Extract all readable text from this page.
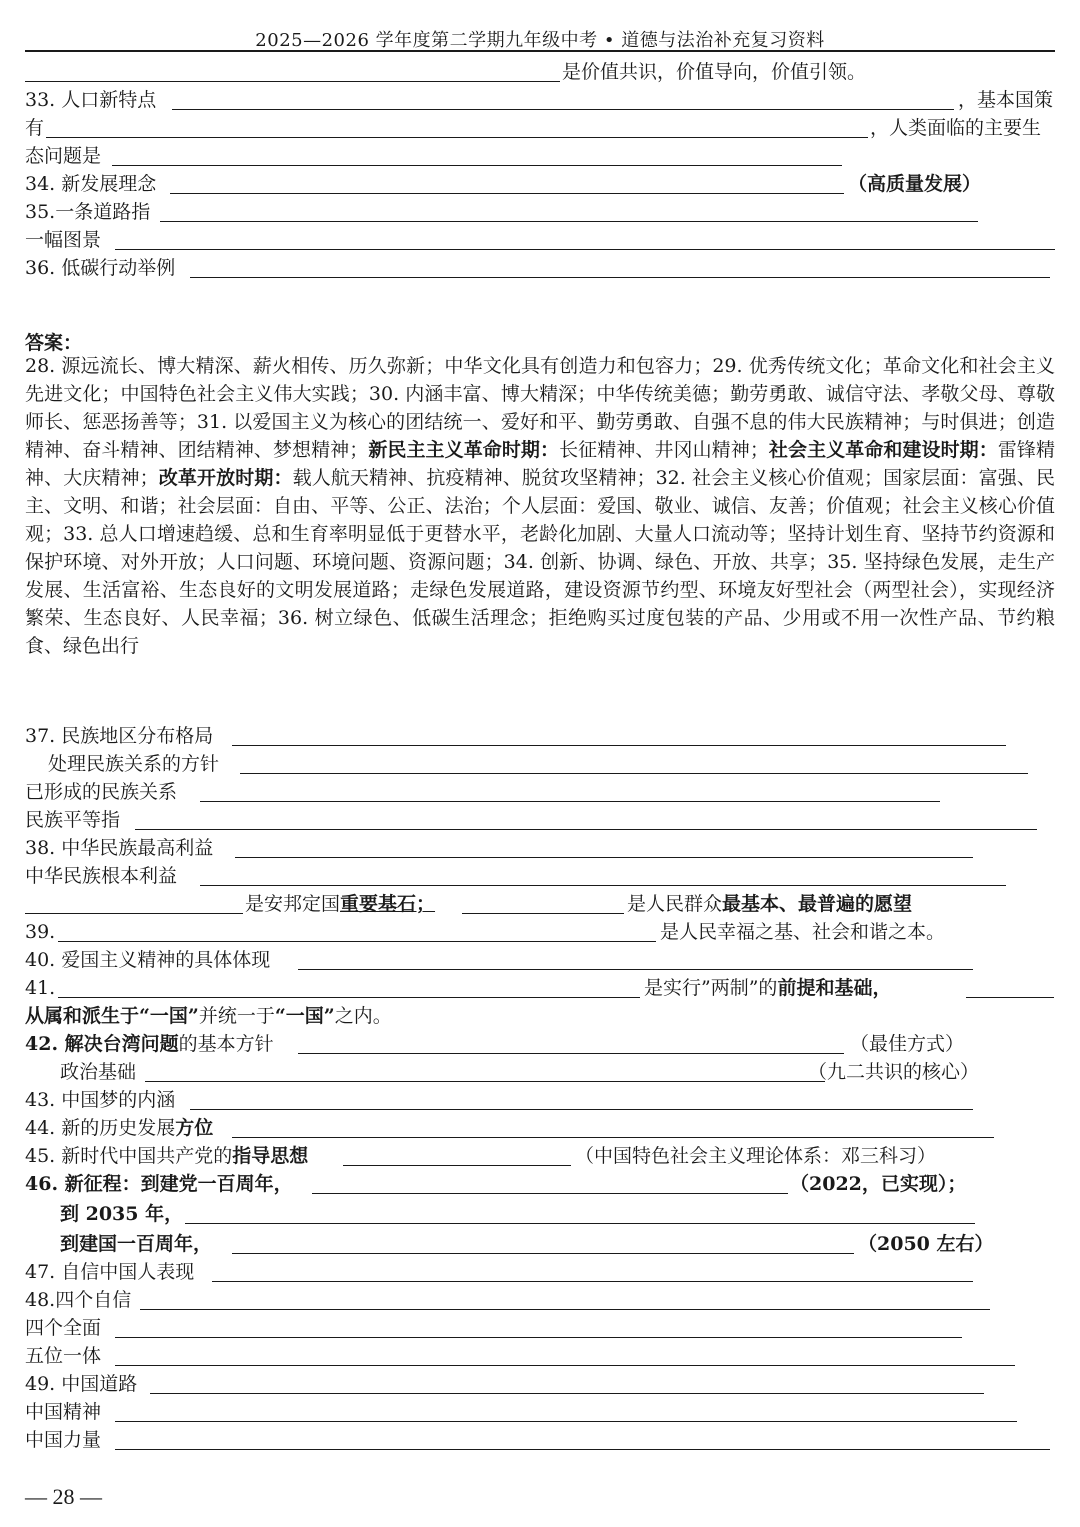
2025—2026 学年度第二学期九年级中考 • 道德与法治补充复习资料
是价值共识，价值导向，价值引领。
33. 人口新特点	，基本国策
有	，人类面临的主要生
态问题是
34. 新发展理念	（高质量发展）
35.一条道路指
一幅图景
36. 低碳行动举例
答案：
28. 源远流长、博大精深、薪火相传、历久弥新；中华文化具有创造力和包容力；29. 优秀传统文化；革命文化和社会主义先进文化；中国特色社会主义伟大实践；30. 内涵丰富、博大精深；中华传统美德；勤劳勇敢、诚信守法、孝敬父母、尊敬师长、惩恶扬善等；31. 以爱国主义为核心的团结统一、爱好和平、勤劳勇敢、自强不息的伟大民族精神；与时俱进；创造精神、奋斗精神、团结精神、梦想精神；新民主主义革命时期：长征精神、井冈山精神；社会主义革命和建设时期：雷锋精神、大庆精神；改革开放时期：载人航天精神、抗疫精神、脱贫攻坚精神；32. 社会主义核心价值观；国家层面：富强、民主、文明、和谐；社会层面：自由、平等、公正、法治；个人层面：爱国、敬业、诚信、友善；价值观；社会主义核心价值观；33. 总人口增速趋缓、总和生育率明显低于更替水平，老龄化加剧、大量人口流动等；坚持计划生育、坚持节约资源和保护环境、对外开放；人口问题、环境问题、资源问题；34. 创新、协调、绿色、开放、共享；35. 坚持绿色发展，走生产发展、生活富裕、生态良好的文明发展道路；走绿色发展道路，建设资源节约型、环境友好型社会（两型社会），实现经济繁荣、生态良好、人民幸福；36. 树立绿色、低碳生活理念；拒绝购买过度包装的产品、少用或不用一次性产品、节约粮食、绿色出行
37. 民族地区分布格局
处理民族关系的方针
已形成的民族关系
民族平等指
38. 中华民族最高利益
中华民族根本利益
是安邦定国重要基石；	是人民群众最基本、最普遍的愿望
39.	是人民幸福之基、社会和谐之本。
40. 爱国主义精神的具体体现
41.	是实行”两制”的前提和基础，
从属和派生于“一国”并统一于“一国”之内。
42. 解决台湾问题的基本方针	（最佳方式）
政治基础	（九二共识的核心）
43. 中国梦的内涵
44. 新的历史发展方位
45. 新时代中国共产党的指导思想	（中国特色社会主义理论体系：邓三科习）
46. 新征程：到建党一百周年，	（2022，已实现）；
到 2035 年，
到建国一百周年，	（2050 左右）
47. 自信中国人表现
48.四个自信
四个全面
五位一体
49. 中国道路
中国精神
中国力量
— 28 —
